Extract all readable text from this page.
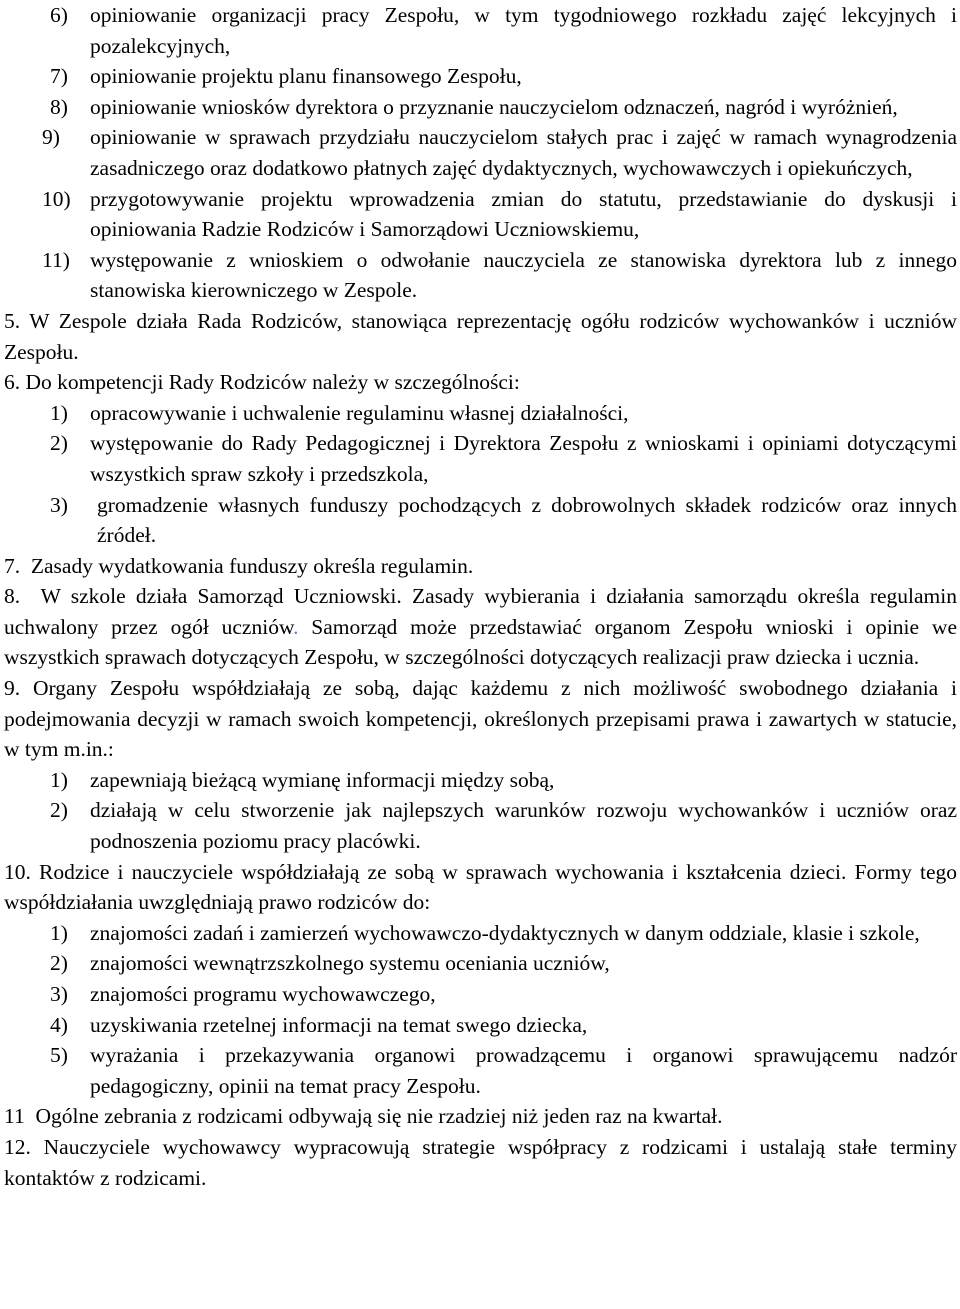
6) opiniowanie organizacji pracy Zespołu, w tym tygodniowego rozkładu zajęć lekcyjnych i pozalekcyjnych,
7) opiniowanie projektu planu finansowego Zespołu,
8) opiniowanie wniosków dyrektora o przyznanie nauczycielom odznaczeń, nagród i wyróżnień,
9) opiniowanie w sprawach przydziału nauczycielom stałych prac i zajęć w ramach wynagrodzenia zasadniczego oraz dodatkowo płatnych zajęć dydaktycznych, wychowawczych i opiekuńczych,
10) przygotowywanie projektu wprowadzenia zmian do statutu, przedstawianie do dyskusji i opiniowania Radzie Rodziców i Samorządowi Uczniowskiemu,
11) występowanie z wnioskiem o odwołanie nauczyciela ze stanowiska dyrektora lub z innego stanowiska kierowniczego w Zespole.

5. W Zespole działa Rada Rodziców, stanowiąca reprezentację ogółu rodziców wychowanków i uczniów Zespołu.

6. Do kompetencji Rady Rodziców należy w szczególności:

1) opracowywanie i uchwalenie regulaminu własnej działalności,
2) występowanie do Rady Pedagogicznej i Dyrektora Zespołu z wnioskami i opiniami dotyczącymi wszystkich spraw szkoły i przedszkola,
3) gromadzenie własnych funduszy pochodzących z dobrowolnych składek rodziców oraz innych źródeł.

7. Zasady wydatkowania funduszy określa regulamin.

8. W szkole działa Samorząd Uczniowski. Zasady wybierania i działania samorządu określa regulamin uchwalony przez ogół uczniów. Samorząd może przedstawiać organom Zespołu wnioski i opinie we wszystkich sprawach dotyczących Zespołu, w szczególności dotyczących realizacji praw dziecka i ucznia.

9. Organy Zespołu współdziałają ze sobą, dając każdemu z nich możliwość swobodnego działania i podejmowania decyzji w ramach swoich kompetencji, określonych przepisami prawa i zawartych w statucie, w tym m.in.:

1) zapewniają bieżącą wymianę informacji między sobą,
2) działają w celu stworzenie jak najlepszych warunków rozwoju wychowanków i uczniów oraz podnoszenia poziomu pracy placówki.

10. Rodzice i nauczyciele współdziałają ze sobą w sprawach wychowania i kształcenia dzieci. Formy tego współdziałania uwzględniają prawo rodziców do:

1) znajomości zadań i zamierzeń wychowawczo-dydaktycznych w danym oddziale, klasie i szkole,
2) znajomości wewnątrzszkolnego systemu oceniania uczniów,
3) znajomości programu wychowawczego,
4) uzyskiwania rzetelnej informacji na temat swego dziecka,
5) wyrażania i przekazywania organowi prowadzącemu i organowi sprawującemu nadzór pedagogiczny, opinii na temat pracy Zespołu.

11 Ogólne zebrania z rodzicami odbywają się nie rzadziej niż jeden raz na kwartał.

12. Nauczyciele wychowawcy wypracowują strategie współpracy z rodzicami i ustalają stałe terminy kontaktów z rodzicami.
